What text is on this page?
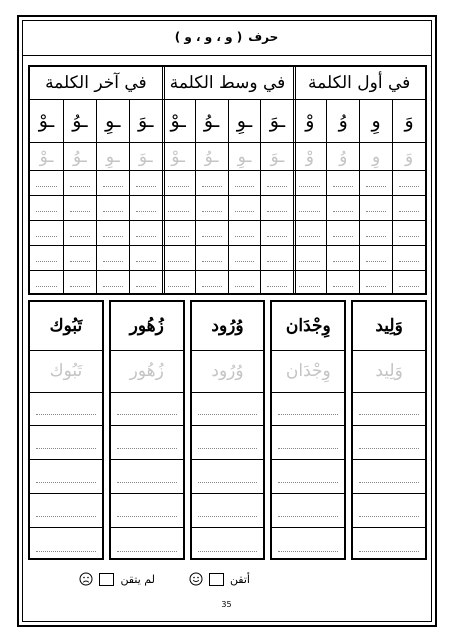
حرف
( و ، و ، و )
في أول الكلمة
وَ
وَ
وِ
وِ
وُ
وُ
وْ
وْ
في وسط الكلمة
ـوَ
ـوَ
ـوِ
ـوِ
ـوُ
ـوُ
ـوْ
ـوْ
في آخر الكلمة
ـوَ
ـوَ
ـوِ
ـوِ
ـوُ
ـوُ
ـوْ
ـوْ
وَلِيد
وَلِيد
وِجْدَان
وِجْدَان
وُرُود
وُرُود
زُهُور
زُهُور
تَبُوك
تَبُوك
أتقن
لم يتقن
35
